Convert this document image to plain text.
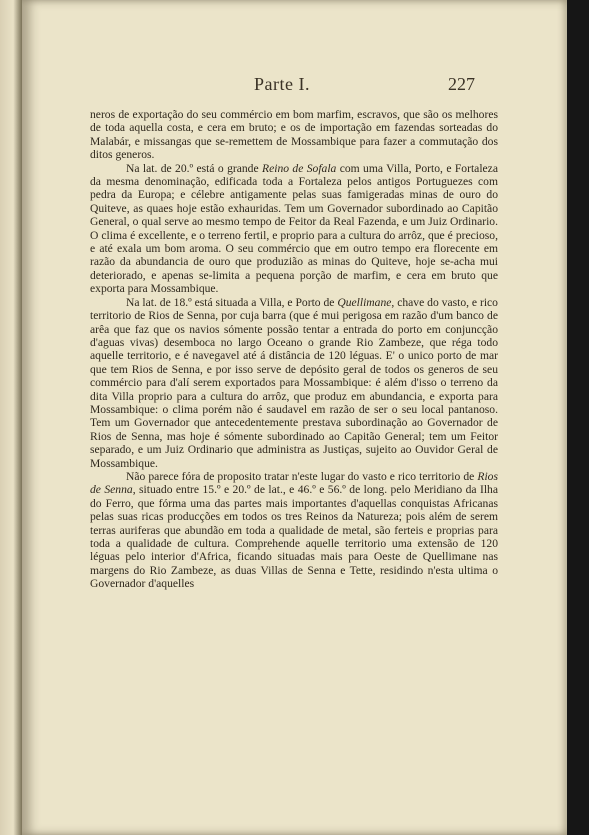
Parte I.	227

neros de exportação do seu commércio em bom marfim, escravos, que são os melhores de toda aquella costa, e cera em bruto; e os de importação em fazendas sorteadas do Malabár, e missangas que se-remettem de Mossambique para fazer a commutação dos ditos generos.

Na lat. de 20.º está o grande Reino de Sofala com uma Villa, Porto, e Fortaleza da mesma denominação, edificada toda a Fortaleza pelos antigos Portuguezes com pedra da Europa; e célebre antigamente pelas suas famigeradas minas de ouro do Quiteve, as quaes hoje estão exhauridas. Tem um Governador subordinado ao Capitão General, o qual serve ao mesmo tempo de Feitor da Real Fazenda, e um Juiz Ordinario. O clima é excellente, e o terreno fertil, e proprio para a cultura do arrôz, que é precioso, e até exala um bom aroma. O seu commércio que em outro tempo era florecente em razão da abundancia de ouro que produzião as minas do Quiteve, hoje se-acha mui deteriorado, e apenas se-limita a pequena porção de marfim, e cera em bruto que exporta para Mossambique.

Na lat. de 18.º está situada a Villa, e Porto de Quellimane, chave do vasto, e rico territorio de Rios de Senna, por cuja barra (que é mui perigosa em razão d'um banco de arêa que faz que os navios sómente possão tentar a entrada do porto em conjuncção d'aguas vivas) desemboca no largo Oceano o grande Rio Zambeze, que réga todo aquelle territorio, e é navegavel até á distância de 120 léguas. E' o unico porto de mar que tem Rios de Senna, e por isso serve de depósito geral de todos os generos de seu commércio para d'alí serem exportados para Mossambique: é além d'isso o terreno da dita Villa proprio para a cultura do arrôz, que produz em abundancia, e exporta para Mossambique: o clima porém não é saudavel em razão de ser o seu local pantanoso. Tem um Governador que antecedentemente prestava subordinação ao Governador de Rios de Senna, mas hoje é sómente subordinado ao Capitão General; tem um Feitor separado, e um Juiz Ordinario que administra as Justiças, sujeito ao Ouvidor Geral de Mossambique.

Não parece fóra de proposito tratar n'este lugar do vasto e rico territorio de Rios de Senna, situado entre 15.º e 20.º de lat., e 46.º e 56.º de long. pelo Meridiano da Ilha do Ferro, que fórma uma das partes mais importantes d'aquellas conquistas Africanas pelas suas ricas producções em todos os tres Reinos da Natureza; pois além de serem terras auriferas que abundão em toda a qualidade de metal, são ferteis e proprias para toda a qualidade de cultura. Comprehende aquelle territorio uma extensão de 120 léguas pelo interior d'Africa, ficando situadas mais para Oeste de Quellimane nas margens do Rio Zambeze, as duas Villas de Senna e Tette, residindo n'esta ultima o Governador d'aquelles
